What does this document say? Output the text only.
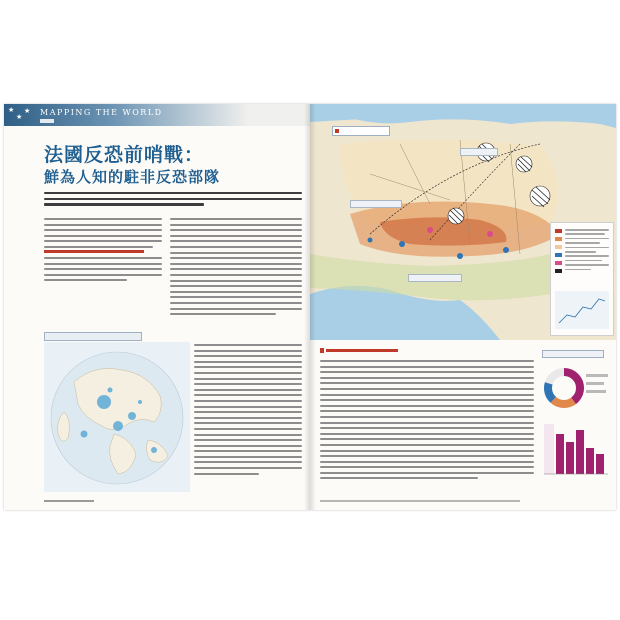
★
★
★ MAPPING THE WORLD
法國反恐前哨戰：
鮮為人知的駐非反恐部隊
